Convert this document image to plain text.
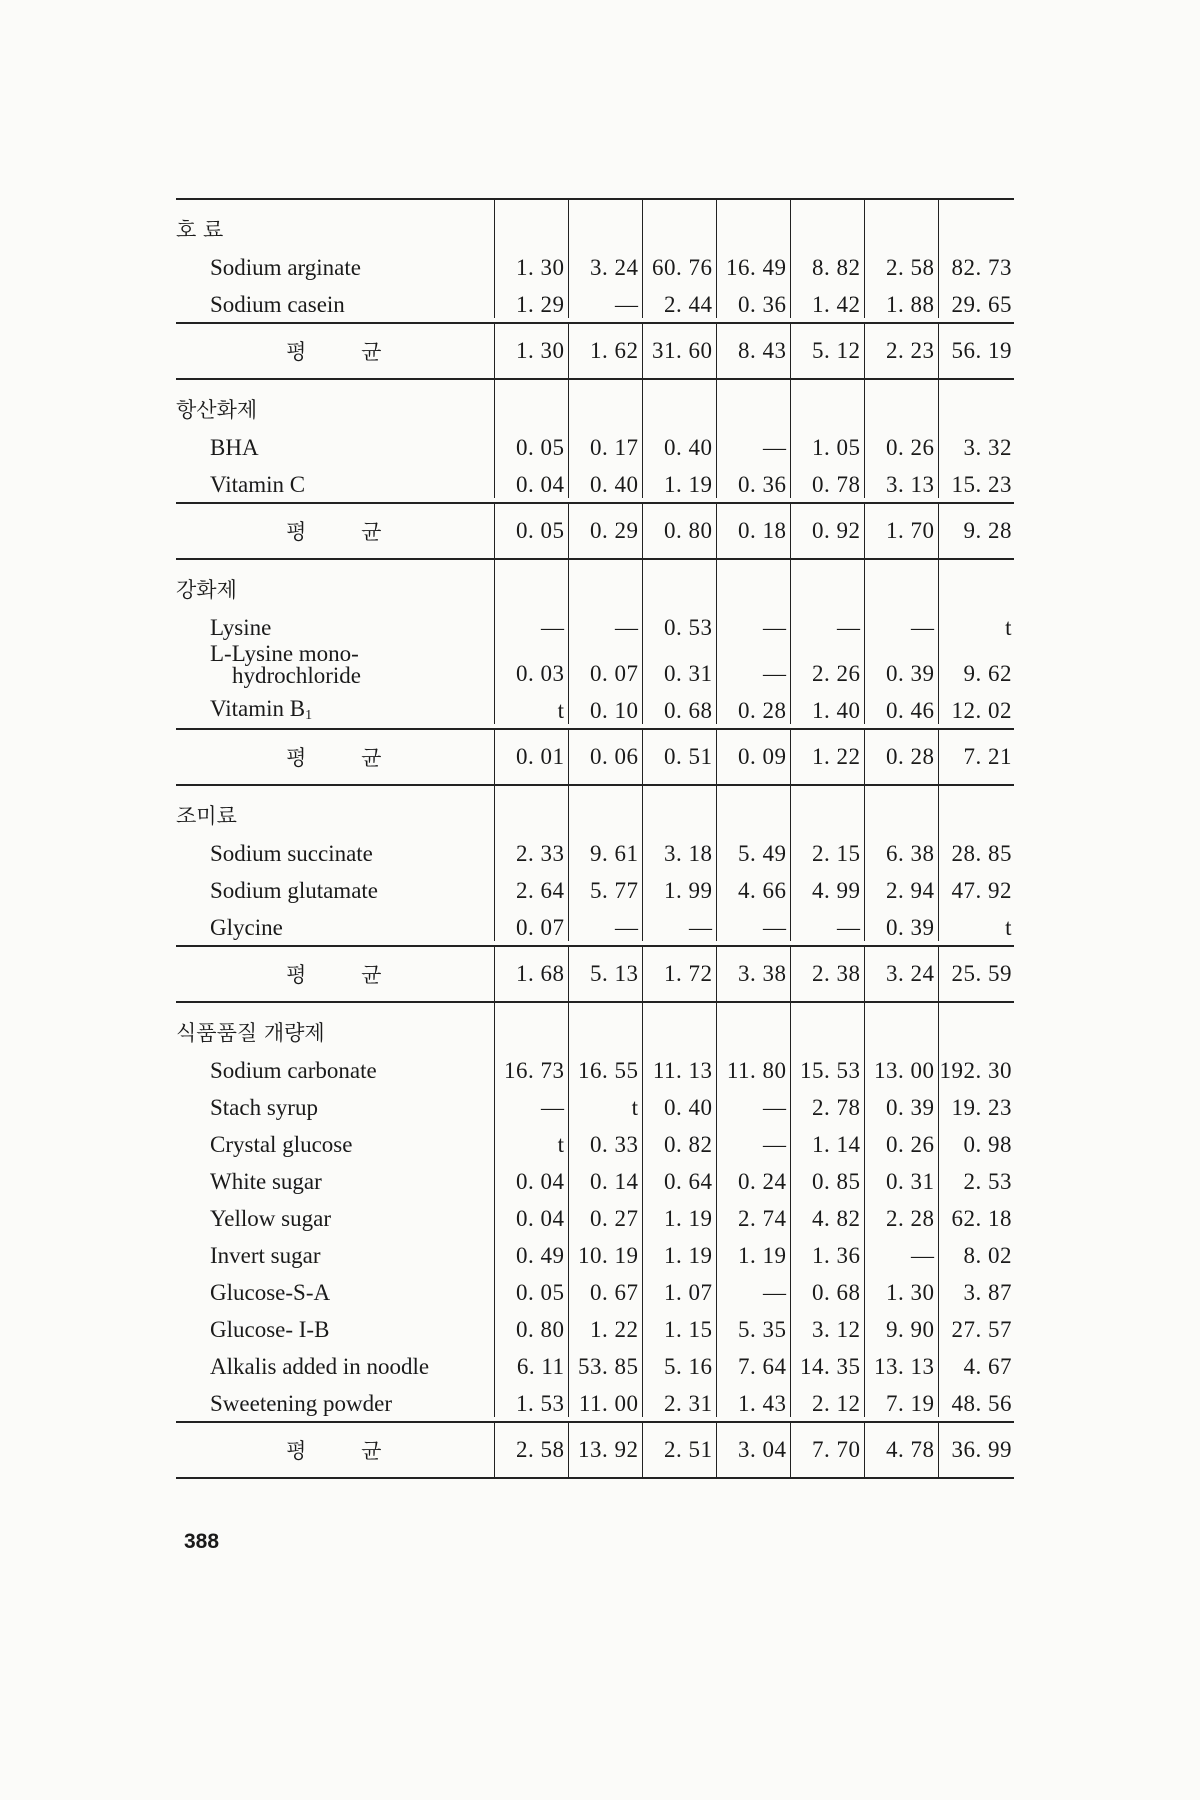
호 료							
Sodium arginate	1. 30	3. 24	60. 76	16. 49	8. 82	2. 58	82. 73
Sodium casein	1. 29	—	2. 44	0. 36	1. 42	1. 88	29. 65

평 균	1. 30	1. 62	31. 60	8. 43	5. 12	2. 23	56. 19
항산화제							
BHA	0. 05	0. 17	0. 40	—	1. 05	0. 26	3. 32
Vitamin C	0. 04	0. 40	1. 19	0. 36	0. 78	3. 13	15. 23

평 균	0. 05	0. 29	0. 80	0. 18	0. 92	1. 70	9. 28
강화제							
Lysine	—	—	0. 53	—	—	—	t

L-Lysine mono-
hydrochloride	0. 03	0. 07	0. 31	—	2. 26	0. 39	9. 62
Vitamin $B_1$	t	0. 10	0. 68	0. 28	1. 40	0. 46	12. 02

평 균	0. 01	0. 06	0. 51	0. 09	1. 22	0. 28	7. 21
조미료							
Sodium succinate	2. 33	9. 61	3. 18	5. 49	2. 15	6. 38	28. 85
Sodium glutamate	2. 64	5. 77	1. 99	4. 66	4. 99	2. 94	47. 92
Glycine	0. 07	—	—	—	—	0. 39	t

평 균	1. 68	5. 13	1. 72	3. 38	2. 38	3. 24	25. 59
식품품질 개량제							
Sodium carbonate	16. 73	16. 55	11. 13	11. 80	15. 53	13. 00	192. 30
Stach syrup	—	t	0. 40	—	2. 78	0. 39	19. 23
Crystal glucose	t	0. 33	0. 82	—	1. 14	0. 26	0. 98
White sugar	0. 04	0. 14	0. 64	0. 24	0. 85	0. 31	2. 53
Yellow sugar	0. 04	0. 27	1. 19	2. 74	4. 82	2. 28	62. 18
Invert sugar	0. 49	10. 19	1. 19	1. 19	1. 36	—	8. 02
Glucose-S-A	0. 05	0. 67	1. 07	—	0. 68	1. 30	3. 87
Glucose- I-B	0. 80	1. 22	1. 15	5. 35	3. 12	9. 90	27. 57
Alkalis added in noodle	6. 11	53. 85	5. 16	7. 64	14. 35	13. 13	4. 67
Sweetening powder	1. 53	11. 00	2. 31	1. 43	2. 12	7. 19	48. 56

평 균	2. 58	13. 92	2. 51	3. 04	7. 70	4. 78	36. 99
388
